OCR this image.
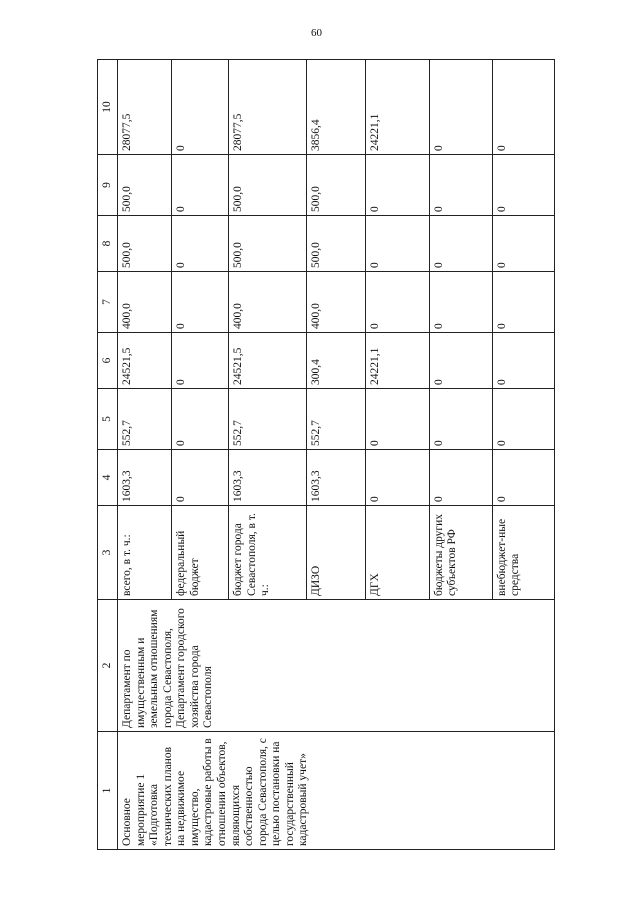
60
1	2	3	4	5	6	7	8	9	10
Основное мероприятие 1 «Подготовка технических планов на недвижимое имущество, кадастровые работы в отношении объектов, являющихся собственностью города Севастополя, с целью постановки на государственный кадастровый учет»	Департамент по имущественным и земельным отношениям города Севастополя, Департамент городского хозяйства города Севастополя	всего, в т. ч.:	1603,3	552,7	24521,5	400,0	500,0	500,0	28077,5
		федеральный бюджет	0	0	0	0	0	0	0
		бюджет города Севастополя, в т. ч.:	1603,3	552,7	24521,5	400,0	500,0	500,0	28077,5
		ДИЗО	1603,3	552,7	300,4	400,0	500,0	500,0	3856,4
		ДГХ	0	0	24221,1	0	0	0	24221,1
		бюджеты других субъектов РФ	0	0	0	0	0	0	0
		внебюджет-ные средства	0	0	0	0	0	0	0
